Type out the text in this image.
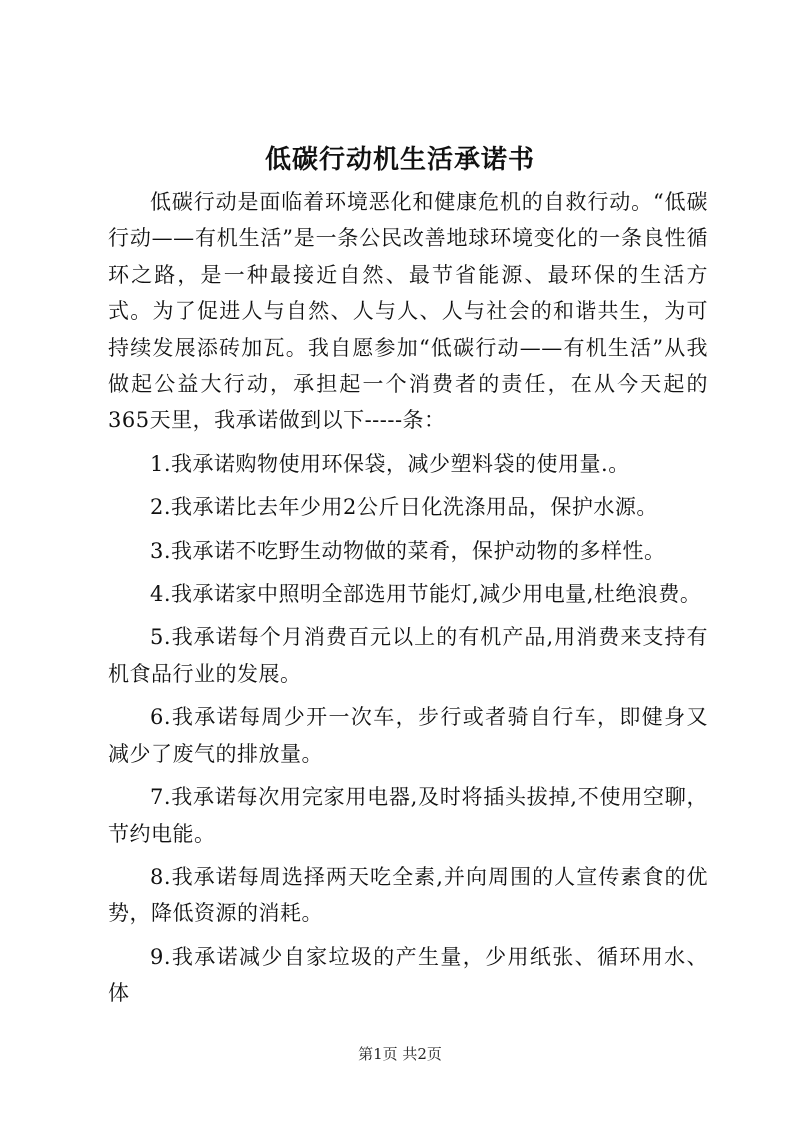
低碳行动机生活承诺书

低碳行动是面临着环境恶化和健康危机的自救行动。“低碳行动——有机生活”是一条公民改善地球环境变化的一条良性循环之路，是一种最接近自然、最节省能源、最环保的生活方式。为了促进人与自然、人与人、人与社会的和谐共生，为可持续发展添砖加瓦。我自愿参加“低碳行动——有机生活”从我做起公益大行动，承担起一个消费者的责任，在从今天起的365天里，我承诺做到以下-----条：

1.我承诺购物使用环保袋，减少塑料袋的使用量.。

2.我承诺比去年少用2公斤日化洗涤用品，保护水源。

3.我承诺不吃野生动物做的菜肴，保护动物的多样性。

4.我承诺家中照明全部选用节能灯,减少用电量,杜绝浪费。

5.我承诺每个月消费百元以上的有机产品,用消费来支持有机食品行业的发展。

6.我承诺每周少开一次车，步行或者骑自行车，即健身又减少了废气的排放量。

7.我承诺每次用完家用电器,及时将插头拔掉,不使用空聊，节约电能。

8.我承诺每周选择两天吃全素,并向周围的人宣传素食的优势，降低资源的消耗。

9.我承诺减少自家垃圾的产生量，少用纸张、循环用水、体

第1页 共2页
